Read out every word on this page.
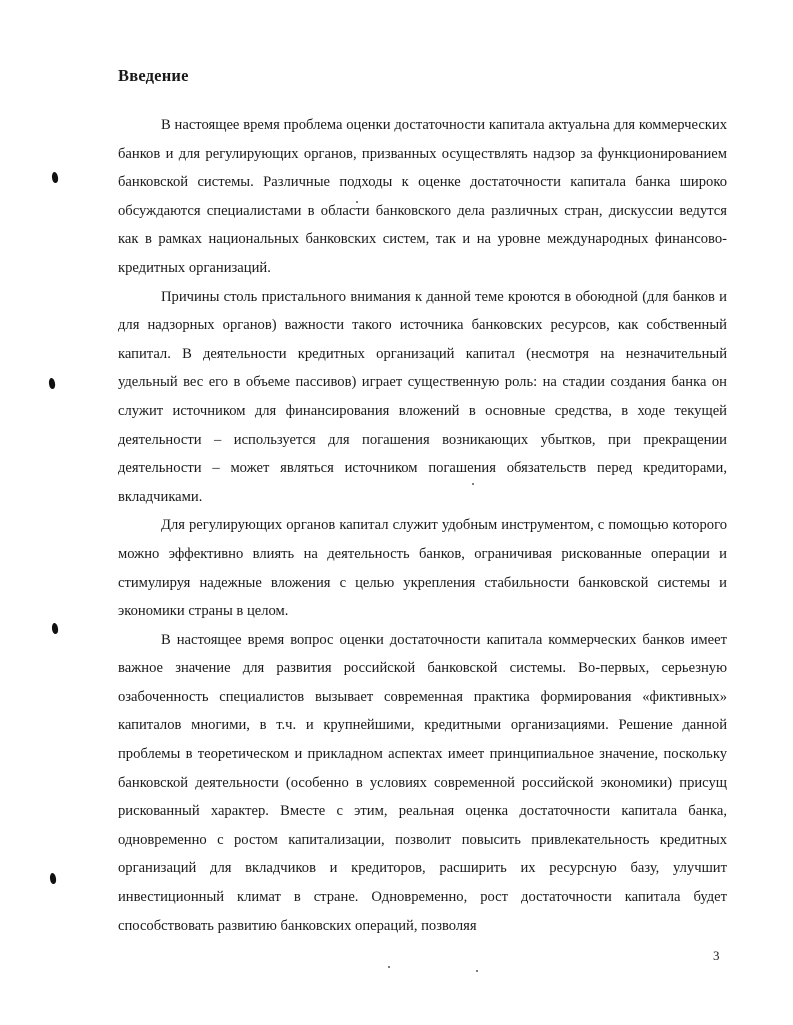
Введение

В настоящее время проблема оценки достаточности капитала актуальна для коммерческих банков и для регулирующих органов, призванных осуществлять надзор за функционированием банковской системы. Различные подходы к оценке достаточности капитала банка широко обсуждаются специалистами в области банковского дела различных стран, дискуссии ведутся как в рамках национальных банковских систем, так и на уровне международных финансово-кредитных организаций.

Причины столь пристального внимания к данной теме кроются в обоюдной (для банков и для надзорных органов) важности такого источника банковских ресурсов, как собственный капитал. В деятельности кредитных организаций капитал (несмотря на незначительный удельный вес его в объеме пассивов) играет существенную роль: на стадии создания банка он служит источником для финансирования вложений в основные средства, в ходе текущей деятельности – используется для погашения возникающих убытков, при прекращении деятельности – может являться источником погашения обязательств перед кредиторами, вкладчиками.

Для регулирующих органов капитал служит удобным инструментом, с помощью которого можно эффективно влиять на деятельность банков, ограничивая рискованные операции и стимулируя надежные вложения с целью укрепления стабильности банковской системы и экономики страны в целом.

В настоящее время вопрос оценки достаточности капитала коммерческих банков имеет важное значение для развития российской банковской системы. Во-первых, серьезную озабоченность специалистов вызывает современная практика формирования «фиктивных» капиталов многими, в т.ч. и крупнейшими, кредитными организациями. Решение данной проблемы в теоретическом и прикладном аспектах имеет принципиальное значение, поскольку банковской деятельности (особенно в условиях современной российской экономики) присущ рискованный характер. Вместе с этим, реальная оценка достаточности капитала банка, одновременно с ростом капитализации, позволит повысить привлекательность кредитных организаций для вкладчиков и кредиторов, расширить их ресурсную базу, улучшит инвестиционный климат в стране. Одновременно, рост достаточности капитала будет способствовать развитию банковских операций, позволяя

3
